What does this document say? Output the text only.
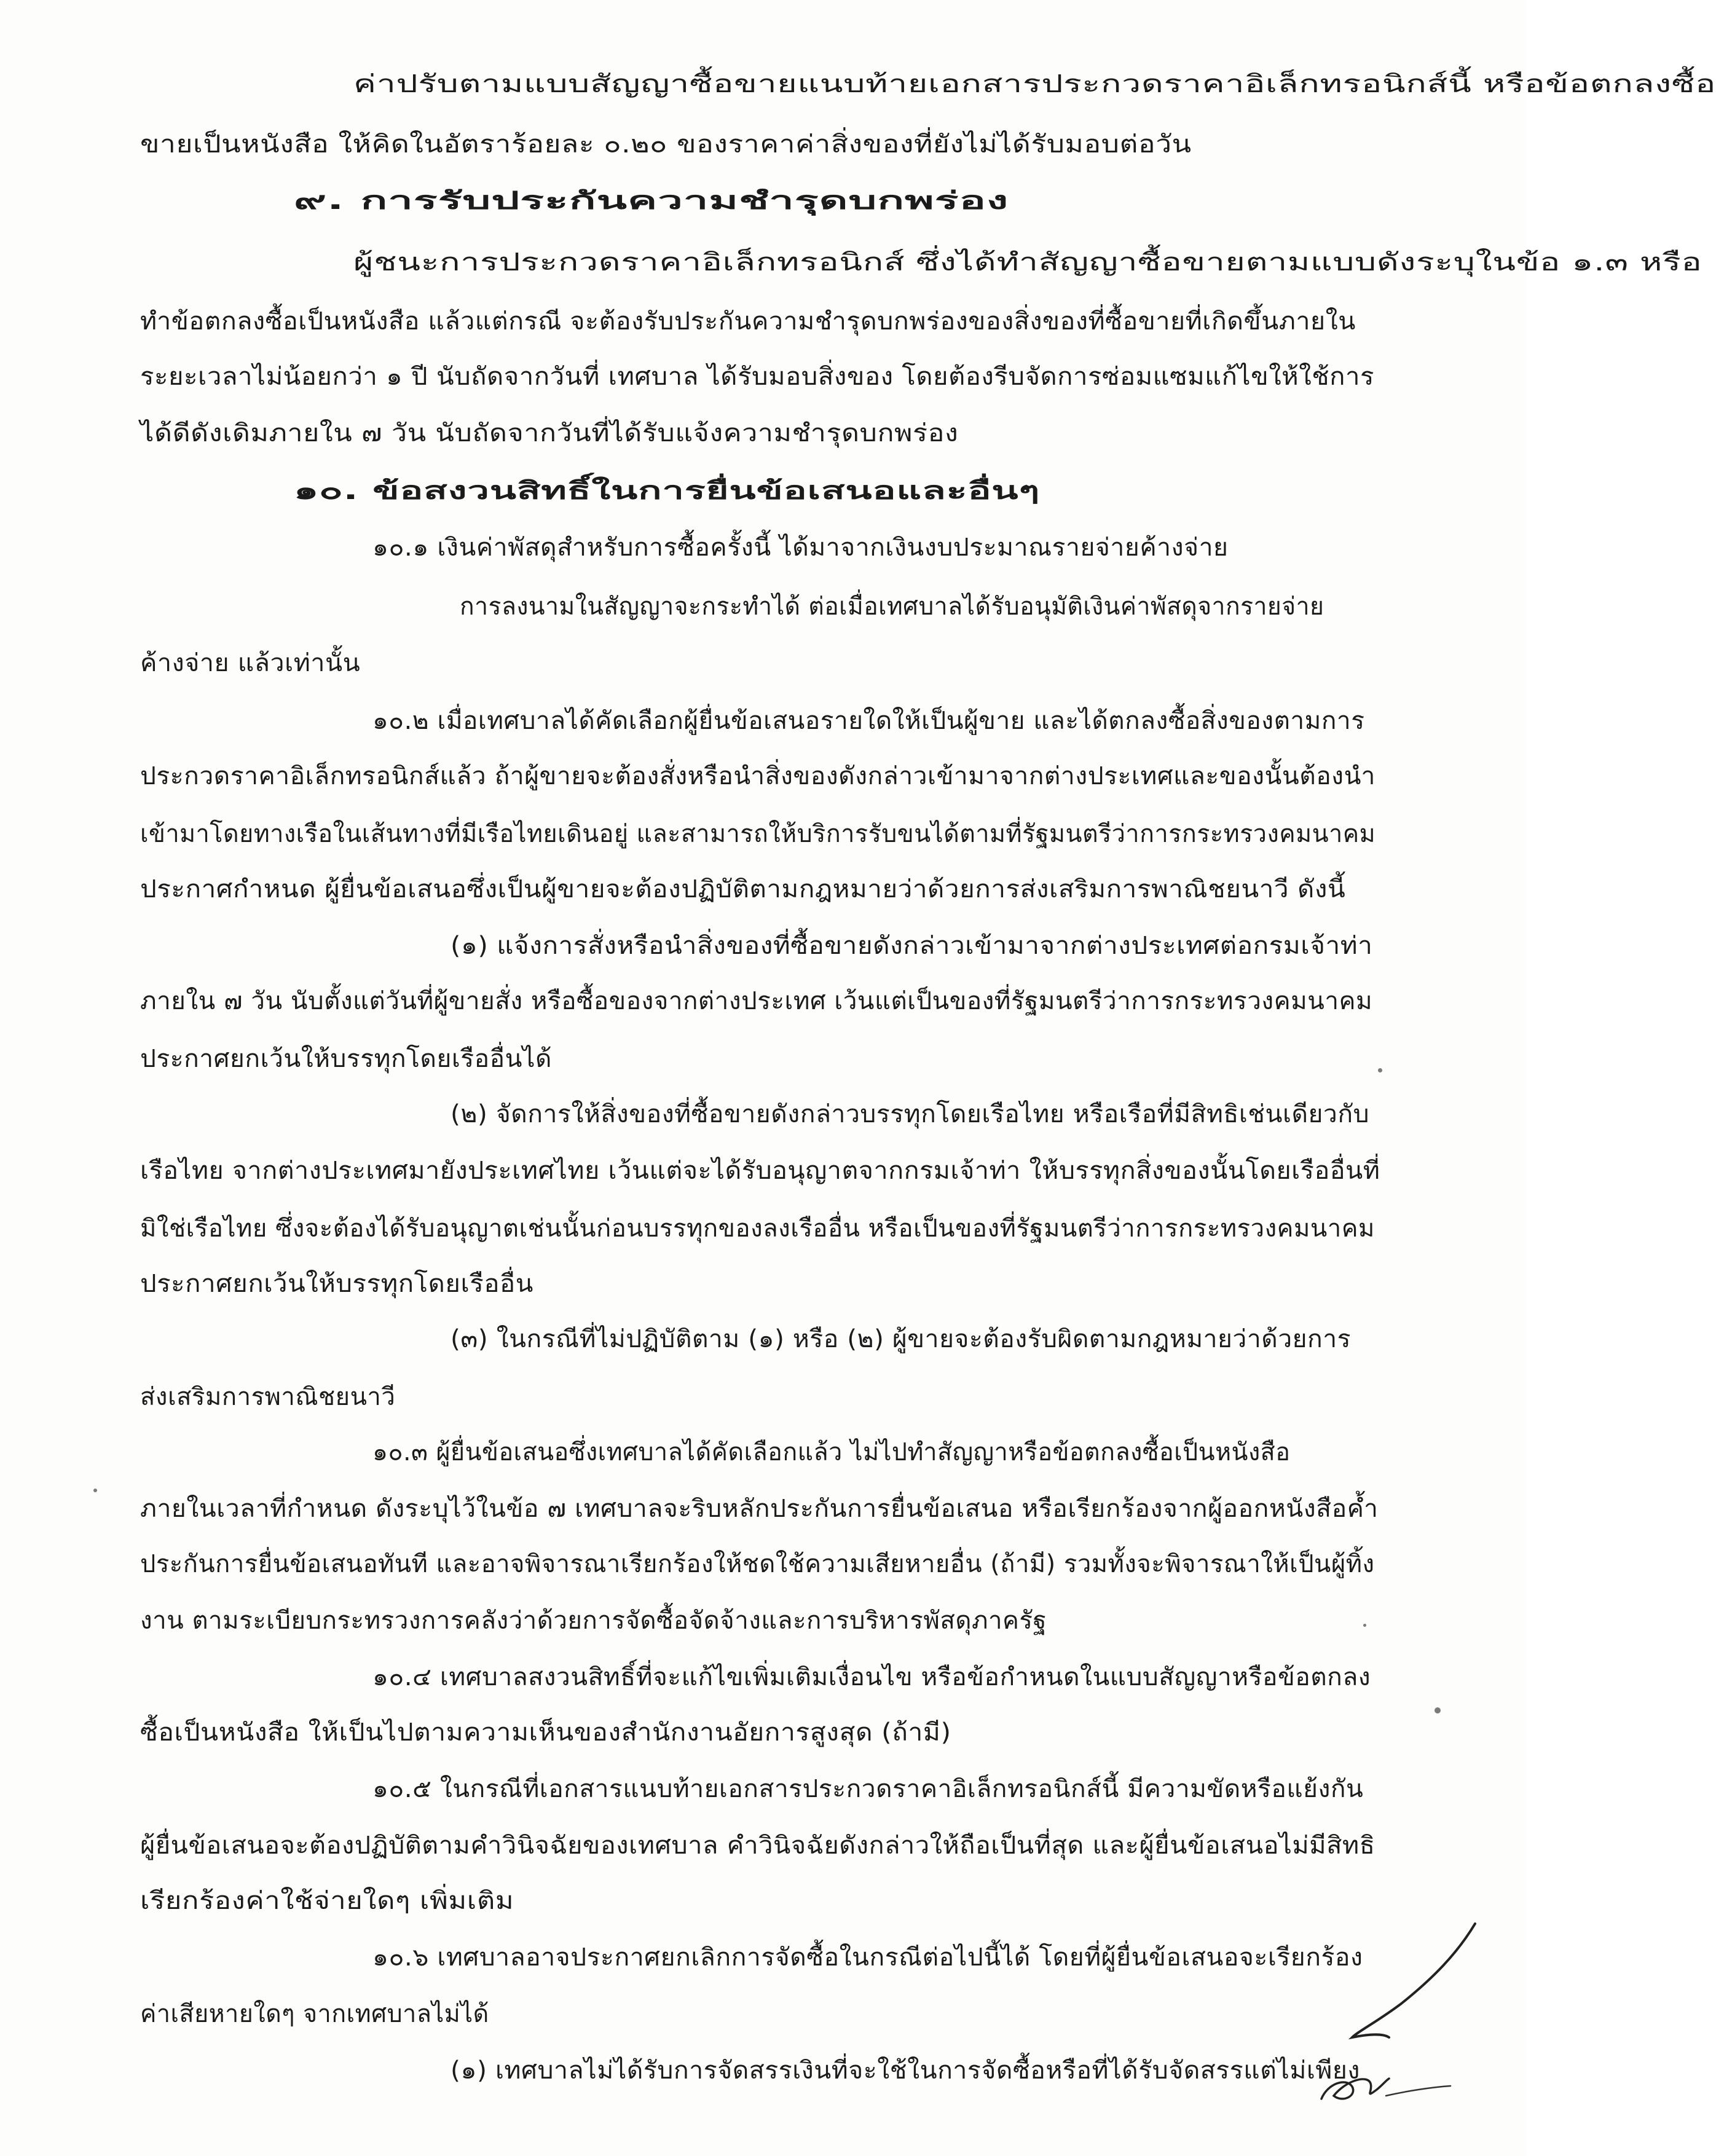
ค่าปรับตามแบบสัญญาซื้อขายแนบท้ายเอกสารประกวดราคาอิเล็กทรอนิกส์นี้ หรือข้อตกลงซื้อ
ขายเป็นหนังสือ ให้คิดในอัตราร้อยละ ๐.๒๐ ของราคาค่าสิ่งของที่ยังไม่ได้รับมอบต่อวัน
๙. การรับประกันความชำรุดบกพร่อง
ผู้ชนะการประกวดราคาอิเล็กทรอนิกส์ ซึ่งได้ทำสัญญาซื้อขายตามแบบดังระบุในข้อ ๑.๓ หรือ
ทำข้อตกลงซื้อเป็นหนังสือ แล้วแต่กรณี จะต้องรับประกันความชำรุดบกพร่องของสิ่งของที่ซื้อขายที่เกิดขึ้นภายใน
ระยะเวลาไม่น้อยกว่า ๑ ปี นับถัดจากวันที่ เทศบาล ได้รับมอบสิ่งของ โดยต้องรีบจัดการซ่อมแซมแก้ไขให้ใช้การ
ได้ดีดังเดิมภายใน ๗ วัน นับถัดจากวันที่ได้รับแจ้งความชำรุดบกพร่อง
๑๐. ข้อสงวนสิทธิ์ในการยื่นข้อเสนอและอื่นๆ
๑๐.๑ เงินค่าพัสดุสำหรับการซื้อครั้งนี้ ได้มาจากเงินงบประมาณรายจ่ายค้างจ่าย
การลงนามในสัญญาจะกระทำได้ ต่อเมื่อเทศบาลได้รับอนุมัติเงินค่าพัสดุจากรายจ่าย
ค้างจ่าย แล้วเท่านั้น
๑๐.๒ เมื่อเทศบาลได้คัดเลือกผู้ยื่นข้อเสนอรายใดให้เป็นผู้ขาย และได้ตกลงซื้อสิ่งของตามการ
ประกวดราคาอิเล็กทรอนิกส์แล้ว ถ้าผู้ขายจะต้องสั่งหรือนำสิ่งของดังกล่าวเข้ามาจากต่างประเทศและของนั้นต้องนำ
เข้ามาโดยทางเรือในเส้นทางที่มีเรือไทยเดินอยู่ และสามารถให้บริการรับขนได้ตามที่รัฐมนตรีว่าการกระทรวงคมนาคม
ประกาศกำหนด ผู้ยื่นข้อเสนอซึ่งเป็นผู้ขายจะต้องปฏิบัติตามกฎหมายว่าด้วยการส่งเสริมการพาณิชยนาวี ดังนี้
(๑) แจ้งการสั่งหรือนำสิ่งของที่ซื้อขายดังกล่าวเข้ามาจากต่างประเทศต่อกรมเจ้าท่า
ภายใน ๗ วัน นับตั้งแต่วันที่ผู้ขายสั่ง หรือซื้อของจากต่างประเทศ เว้นแต่เป็นของที่รัฐมนตรีว่าการกระทรวงคมนาคม
ประกาศยกเว้นให้บรรทุกโดยเรืออื่นได้
(๒) จัดการให้สิ่งของที่ซื้อขายดังกล่าวบรรทุกโดยเรือไทย หรือเรือที่มีสิทธิเช่นเดียวกับ
เรือไทย จากต่างประเทศมายังประเทศไทย เว้นแต่จะได้รับอนุญาตจากกรมเจ้าท่า ให้บรรทุกสิ่งของนั้นโดยเรืออื่นที่
มิใช่เรือไทย ซึ่งจะต้องได้รับอนุญาตเช่นนั้นก่อนบรรทุกของลงเรืออื่น หรือเป็นของที่รัฐมนตรีว่าการกระทรวงคมนาคม
ประกาศยกเว้นให้บรรทุกโดยเรืออื่น
(๓) ในกรณีที่ไม่ปฏิบัติตาม (๑) หรือ (๒) ผู้ขายจะต้องรับผิดตามกฎหมายว่าด้วยการ
ส่งเสริมการพาณิชยนาวี
๑๐.๓ ผู้ยื่นข้อเสนอซึ่งเทศบาลได้คัดเลือกแล้ว ไม่ไปทำสัญญาหรือข้อตกลงซื้อเป็นหนังสือ
ภายในเวลาที่กำหนด ดังระบุไว้ในข้อ ๗ เทศบาลจะริบหลักประกันการยื่นข้อเสนอ หรือเรียกร้องจากผู้ออกหนังสือค้ำ
ประกันการยื่นข้อเสนอทันที และอาจพิจารณาเรียกร้องให้ชดใช้ความเสียหายอื่น (ถ้ามี) รวมทั้งจะพิจารณาให้เป็นผู้ทิ้ง
งาน ตามระเบียบกระทรวงการคลังว่าด้วยการจัดซื้อจัดจ้างและการบริหารพัสดุภาครัฐ
๑๐.๔ เทศบาลสงวนสิทธิ์ที่จะแก้ไขเพิ่มเติมเงื่อนไข หรือข้อกำหนดในแบบสัญญาหรือข้อตกลง
ซื้อเป็นหนังสือ ให้เป็นไปตามความเห็นของสำนักงานอัยการสูงสุด (ถ้ามี)
๑๐.๕ ในกรณีที่เอกสารแนบท้ายเอกสารประกวดราคาอิเล็กทรอนิกส์นี้ มีความขัดหรือแย้งกัน
ผู้ยื่นข้อเสนอจะต้องปฏิบัติตามคำวินิจฉัยของเทศบาล คำวินิจฉัยดังกล่าวให้ถือเป็นที่สุด และผู้ยื่นข้อเสนอไม่มีสิทธิ
เรียกร้องค่าใช้จ่ายใดๆ เพิ่มเติม
๑๐.๖ เทศบาลอาจประกาศยกเลิกการจัดซื้อในกรณีต่อไปนี้ได้ โดยที่ผู้ยื่นข้อเสนอจะเรียกร้อง
ค่าเสียหายใดๆ จากเทศบาลไม่ได้
(๑) เทศบาลไม่ได้รับการจัดสรรเงินที่จะใช้ในการจัดซื้อหรือที่ได้รับจัดสรรแต่ไม่เพียง
